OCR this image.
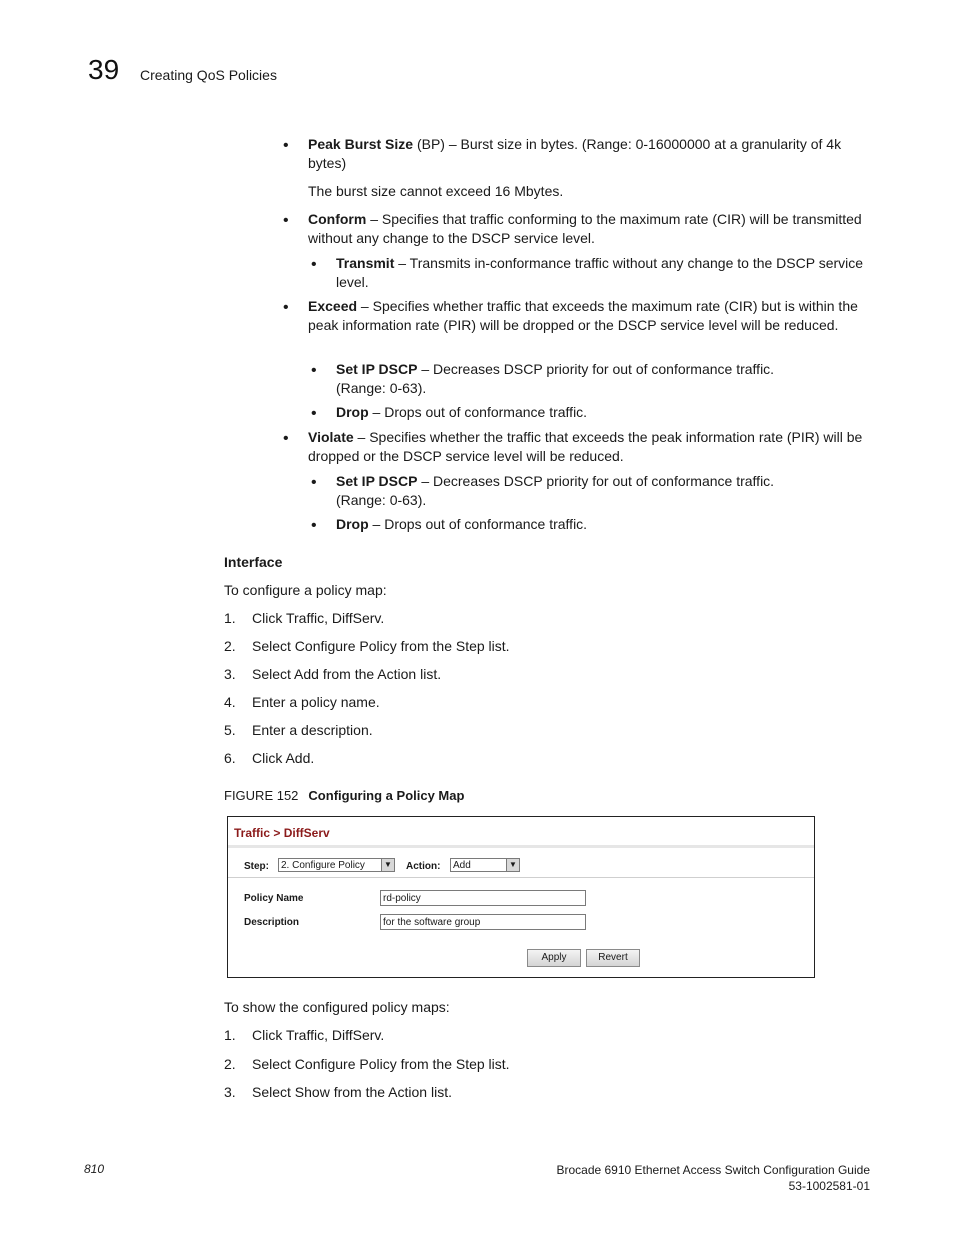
39 Creating QoS Policies
• Peak Burst Size (BP) – Burst size in bytes. (Range: 0-16000000 at a granularity of 4k bytes)

The burst size cannot exceed 16 Mbytes.

• Conform – Specifies that traffic conforming to the maximum rate (CIR) will be transmitted without any change to the DSCP service level.

• Transmit – Transmits in-conformance traffic without any change to the DSCP service level.

• Exceed – Specifies whether traffic that exceeds the maximum rate (CIR) but is within the peak information rate (PIR) will be dropped or the DSCP service level will be reduced.

• Set IP DSCP – Decreases DSCP priority for out of conformance traffic. (Range: 0-63).

• Drop – Drops out of conformance traffic.

• Violate – Specifies whether the traffic that exceeds the peak information rate (PIR) will be dropped or the DSCP service level will be reduced.

• Set IP DSCP – Decreases DSCP priority for out of conformance traffic. (Range: 0-63).

• Drop – Drops out of conformance traffic.

Interface
To configure a policy map:
1. Click Traffic, DiffServ.
2. Select Configure Policy from the Step list.
3. Select Add from the Action list.
4. Enter a policy name.
5. Enter a description.
6. Click Add.
FIGURE 152 Configuring a Policy Map
Traffic > DiffServ
Step:	2. Configure Policy	▼ Action:	Add	▼
Policy Name	rd-policy
Description	for the software group
Apply	Revert
To show the configured policy maps:
1. Click Traffic, DiffServ.
2. Select Configure Policy from the Step list.
3. Select Show from the Action list.
810	Brocade 6910 Ethernet Access Switch Configuration Guide
53-1002581-01
